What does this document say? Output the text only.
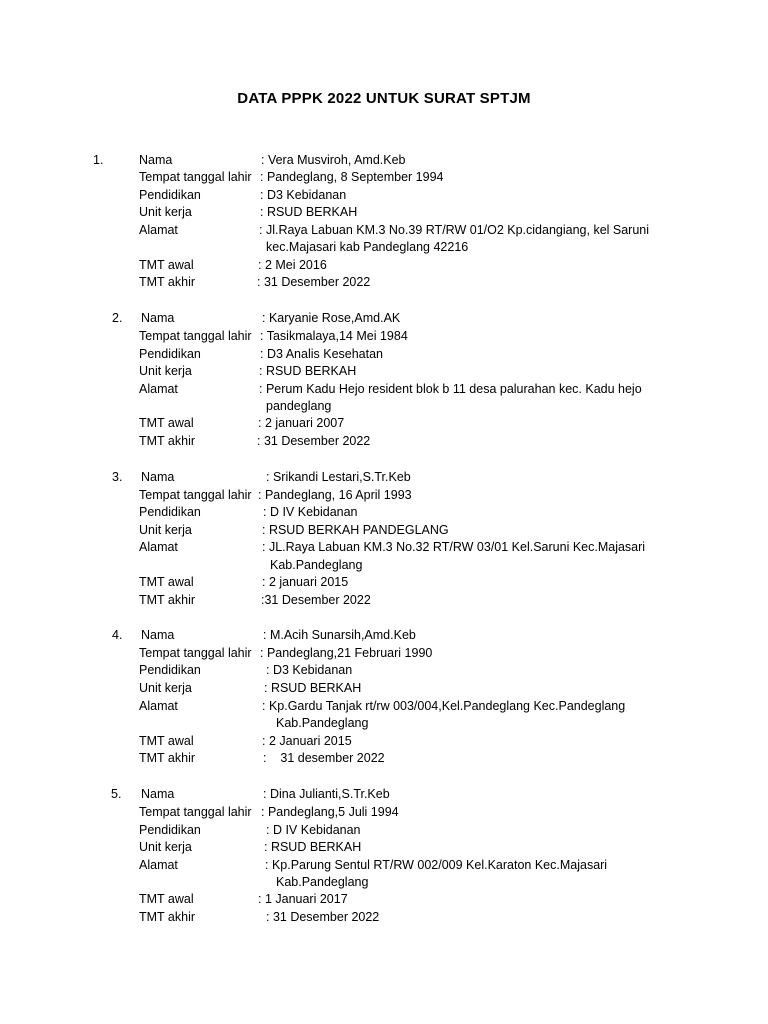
DATA PPPK 2022 UNTUK SURAT SPTJM
1.	Nama	: Vera Musviroh, Amd.Keb
Tempat tanggal lahir : Pandeglang, 8 September 1994
Pendidikan	: D3 Kebidanan
Unit kerja	: RSUD BERKAH
Alamat	: Jl.Raya Labuan KM.3 No.39 RT/RW 01/O2 Kp.cidangiang, kel Saruni
kec.Majasari kab Pandeglang 42216
TMT awal	: 2 Mei 2016
TMT akhir	: 31 Desember 2022
2. Nama	: Karyanie Rose,Amd.AK
Tempat tanggal lahir : Tasikmalaya,14 Mei 1984
Pendidikan	: D3 Analis Kesehatan
Unit kerja	: RSUD BERKAH
Alamat	: Perum Kadu Hejo resident blok b 11 desa palurahan kec. Kadu hejo
pandeglang
TMT awal	: 2 januari 2007
TMT akhir	: 31 Desember 2022
3. Nama	: Srikandi Lestari,S.Tr.Keb
Tempat tanggal lahir : Pandeglang, 16 April 1993
Pendidikan	: D IV Kebidanan
Unit kerja	: RSUD BERKAH PANDEGLANG
Alamat	: JL.Raya Labuan KM.3 No.32 RT/RW 03/01 Kel.Saruni Kec.Majasari
Kab.Pandeglang
TMT awal	: 2 januari 2015
TMT akhir	:31 Desember 2022
4. Nama	: M.Acih Sunarsih,Amd.Keb
Tempat tanggal lahir : Pandeglang,21 Februari 1990
Pendidikan	: D3 Kebidanan
Unit kerja	: RSUD BERKAH
Alamat	: Kp.Gardu Tanjak rt/rw 003/004,Kel.Pandeglang Kec.Pandeglang
Kab.Pandeglang
TMT awal	: 2 Januari 2015
TMT akhir	:    31 desember 2022
5. Nama	: Dina Julianti,S.Tr.Keb
Tempat tanggal lahir : Pandeglang,5 Juli 1994
Pendidikan	: D IV Kebidanan
Unit kerja	: RSUD BERKAH
Alamat	: Kp.Parung Sentul RT/RW 002/009 Kel.Karaton Kec.Majasari
Kab.Pandeglang
TMT awal	: 1 Januari 2017
TMT akhir	: 31 Desember 2022
